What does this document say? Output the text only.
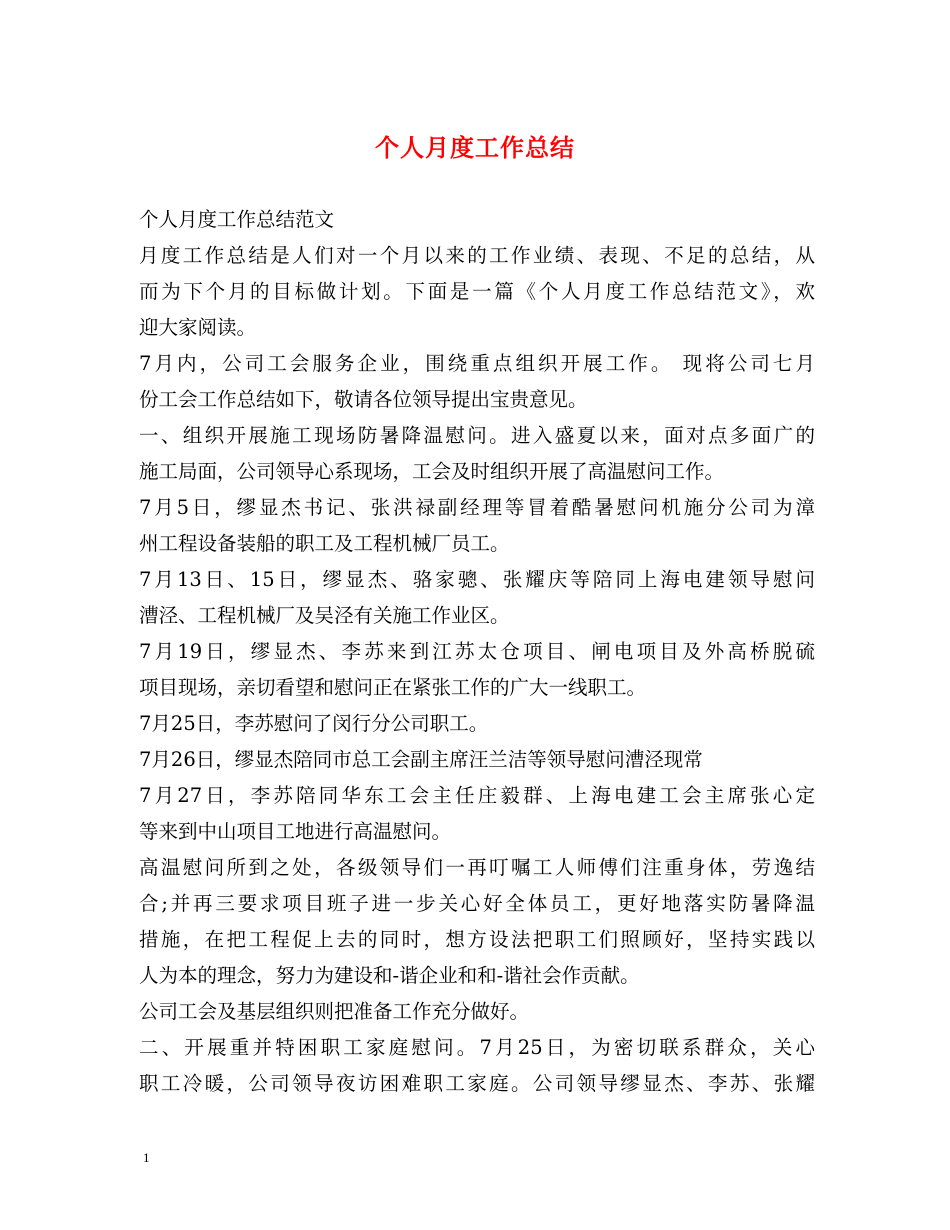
个人月度工作总结
个人月度工作总结范文
月度工作总结是人们对一个月以来的工作业绩、表现、不足的总结，从
而为下个月的目标做计划。下面是一篇《个人月度工作总结范文》，欢
迎大家阅读。
7月内，公司工会服务企业，围绕重点组织开展工作。 现将公司七月
份工会工作总结如下，敬请各位领导提出宝贵意见。
一、组织开展施工现场防暑降温慰问。进入盛夏以来，面对点多面广的
施工局面，公司领导心系现场，工会及时组织开展了高温慰问工作。
7月5日，缪显杰书记、张洪禄副经理等冒着酷暑慰问机施分公司为漳
州工程设备装船的职工及工程机械厂员工。
7月13日、15日，缪显杰、骆家骢、张耀庆等陪同上海电建领导慰问
漕泾、工程机械厂及吴泾有关施工作业区。
7月19日，缪显杰、李苏来到江苏太仓项目、闸电项目及外高桥脱硫
项目现场，亲切看望和慰问正在紧张工作的广大一线职工。
7月25日，李苏慰问了闵行分公司职工。
7月26日，缪显杰陪同市总工会副主席汪兰洁等领导慰问漕泾现常
7月27日，李苏陪同华东工会主任庄毅群、上海电建工会主席张心定
等来到中山项目工地进行高温慰问。
高温慰问所到之处，各级领导们一再叮嘱工人师傅们注重身体，劳逸结
合;并再三要求项目班子进一步关心好全体员工，更好地落实防暑降温
措施，在把工程促上去的同时，想方设法把职工们照顾好，坚持实践以
人为本的理念，努力为建设和-谐企业和和-谐社会作贡献。
公司工会及基层组织则把准备工作充分做好。
二、开展重并特困职工家庭慰问。7月25日，为密切联系群众，关心
职工冷暖，公司领导夜访困难职工家庭。公司领导缪显杰、李苏、张耀
1
